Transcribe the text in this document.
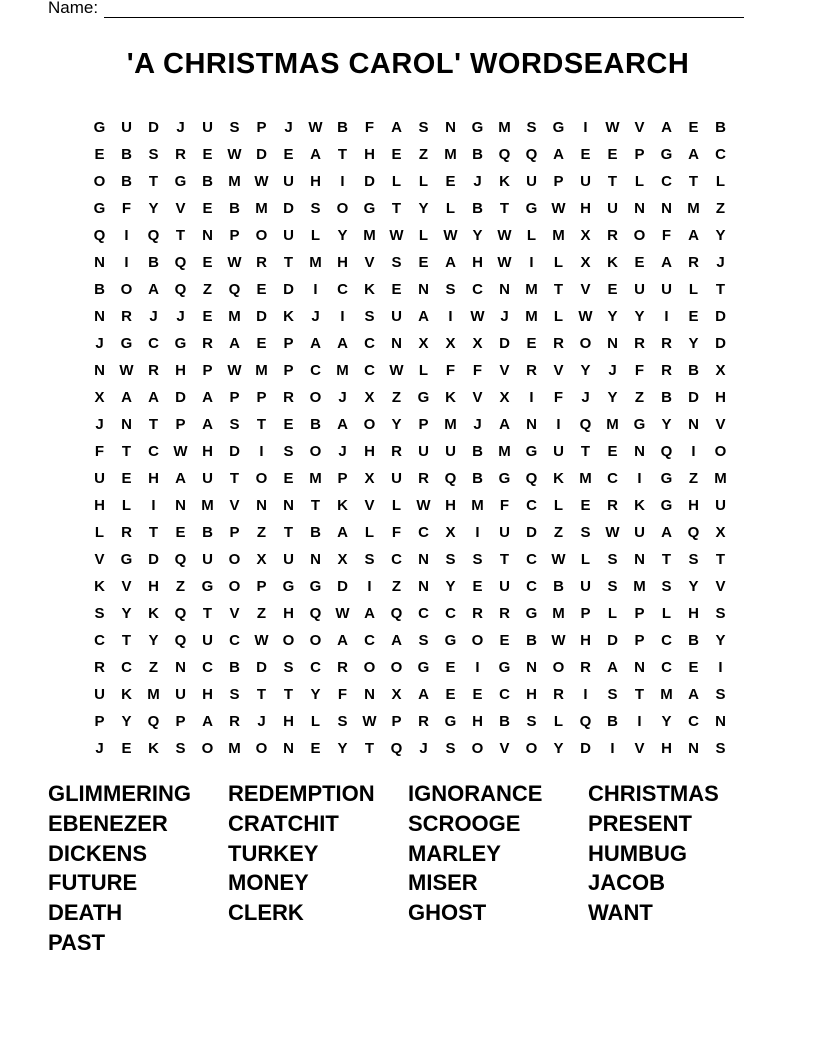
Name:
'A CHRISTMAS CAROL' WORDSEARCH
G	U	D	J	U	S	P	J	W B	F	A	S	N	G M	S	G	I	W V	A	E	B
E	B	S	R	E W D	E	A	T	H	E	Z	M	B	Q	Q	A	E	E	P	G	A	C
O	B	T	G	B	M W U	H	I	D	L	L	E	J	K	U	P	U	T	L	C	T	L
G	F	Y	V	E	B	M	D	S	O	G	T	Y	L	B	T	G W H	U	N	N	M	Z
Q	I	Q	T	N	P	O	U	L	Y	M W	L	W Y W	L	M	X	R	O	F	A	Y
N	I	B	Q	E W R	T	M	H	V	S	E	A	H W	I	L	X	K	E	A	R	J
B	O	A	Q	Z	Q	E	D	I	C	K	E	N	S	C	N	M	T	V	E	U	U	L	T
N	R	J	J	E	M	D	K	J	I	S	U	A	I	W	J	M	L	W Y	Y	I	E	D
J	G	C	G	R	A	E	P	A	A	C	N	X	X	X	D	E	R	O	N	R	R	Y	D
N W R	H	P W M	P	C	M	C W	L	F	F	V	R	V	Y	J	F	R	B	X
X	A	A	D	A	P	P	R	O	J	X	Z	G	K	V	X	I	F	J	Y	Z	B	D	H
J	N	T	P	A	S	T	E	B	A	O	Y	P	M	J	A	N	I	Q M G	Y	N	V
F	T	C W H	D	I	S	O	J	H	R	U	U	B	M G	U	T	E	N	Q	I	O
U	E	H	A	U	T	O	E	M	P	X	U	R	Q	B	G	Q	K	M	C	I	G	Z	M
H	L	I	N	M	V	N	N	T	K	V	L	W H	M	F	C	L	E	R	K	G	H	U
L	R	T	E	B	P	Z	T	B	A	L	F	C	X	I	U	D	Z	S W U	A	Q	X
V	G	D	Q	U	O	X	U	N	X	S	C	N	S	S	T	C W	L	S	N	T	S	T
K	V	H	Z	G	O	P	G	G	D	I	Z	N	Y	E	U	C	B	U	S	M	S	Y	V
S	Y	K	Q	T	V	Z	H	Q W A	Q	C	C	R	R	G M	P	L	P	L	H	S
C	T	Y	Q	U	C W O	O	A	C	A	S	G	O	E	B W H	D	P	C	B	Y
R	C	Z	N	C	B	D	S	C	R	O	O	G	E	I	G	N	O	R	A	N	C	E	I
U	K	M	U	H	S	T	T	Y	F	N	X	A	E	E	C	H	R	I	S	T	M	A	S
P	Y	Q	P	A	R	J	H	L	S W P	R	G	H	B	S	L	Q	B	I	Y	C	N
J	E	K	S	O M O	N	E	Y	T	Q	J	S	O	V	O	Y	D	I	V	H	N	S
GLIMMERING	REDEMPTION	IGNORANCE	CHRISTMAS
EBENEZER	CRATCHIT	SCROOGE	PRESENT
DICKENS	TURKEY	MARLEY	HUMBUG
FUTURE	MONEY	MISER	JACOB
DEATH	CLERK	GHOST	WANT
PAST
